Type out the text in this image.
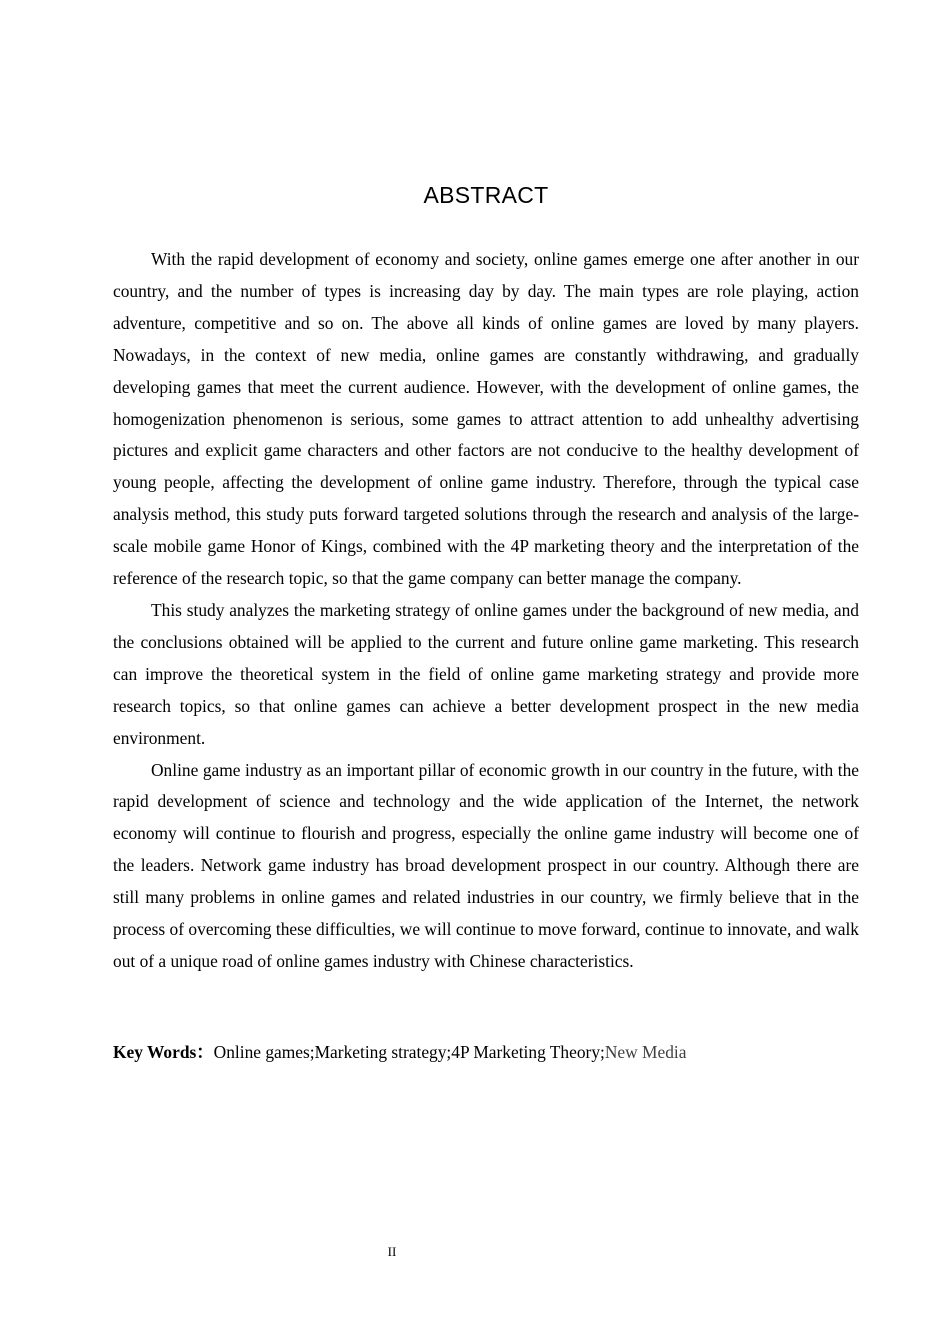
ABSTRACT

With the rapid development of economy and society, online games emerge one after another in our country, and the number of types is increasing day by day. The main types are role playing, action adventure, competitive and so on. The above all kinds of online games are loved by many players. Nowadays, in the context of new media, online games are constantly withdrawing, and gradually developing games that meet the current audience. However, with the development of online games, the homogenization phenomenon is serious, some games to attract attention to add unhealthy advertising pictures and explicit game characters and other factors are not conducive to the healthy development of young people, affecting the development of online game industry. Therefore, through the typical case analysis method, this study puts forward targeted solutions through the research and analysis of the large-scale mobile game Honor of Kings, combined with the 4P marketing theory and the interpretation of the reference of the research topic, so that the game company can better manage the company.

This study analyzes the marketing strategy of online games under the background of new media, and the conclusions obtained will be applied to the current and future online game marketing. This research can improve the theoretical system in the field of online game marketing strategy and provide more research topics, so that online games can achieve a better development prospect in the new media environment.

Online game industry as an important pillar of economic growth in our country in the future, with the rapid development of science and technology and the wide application of the Internet, the network economy will continue to flourish and progress, especially the online game industry will become one of the leaders. Network game industry has broad development prospect in our country. Although there are still many problems in online games and related industries in our country, we firmly believe that in the process of overcoming these difficulties, we will continue to move forward, continue to innovate, and walk out of a unique road of online games industry with Chinese characteristics.

Key Words：Online games;Marketing strategy;4P Marketing Theory;New Media
II
